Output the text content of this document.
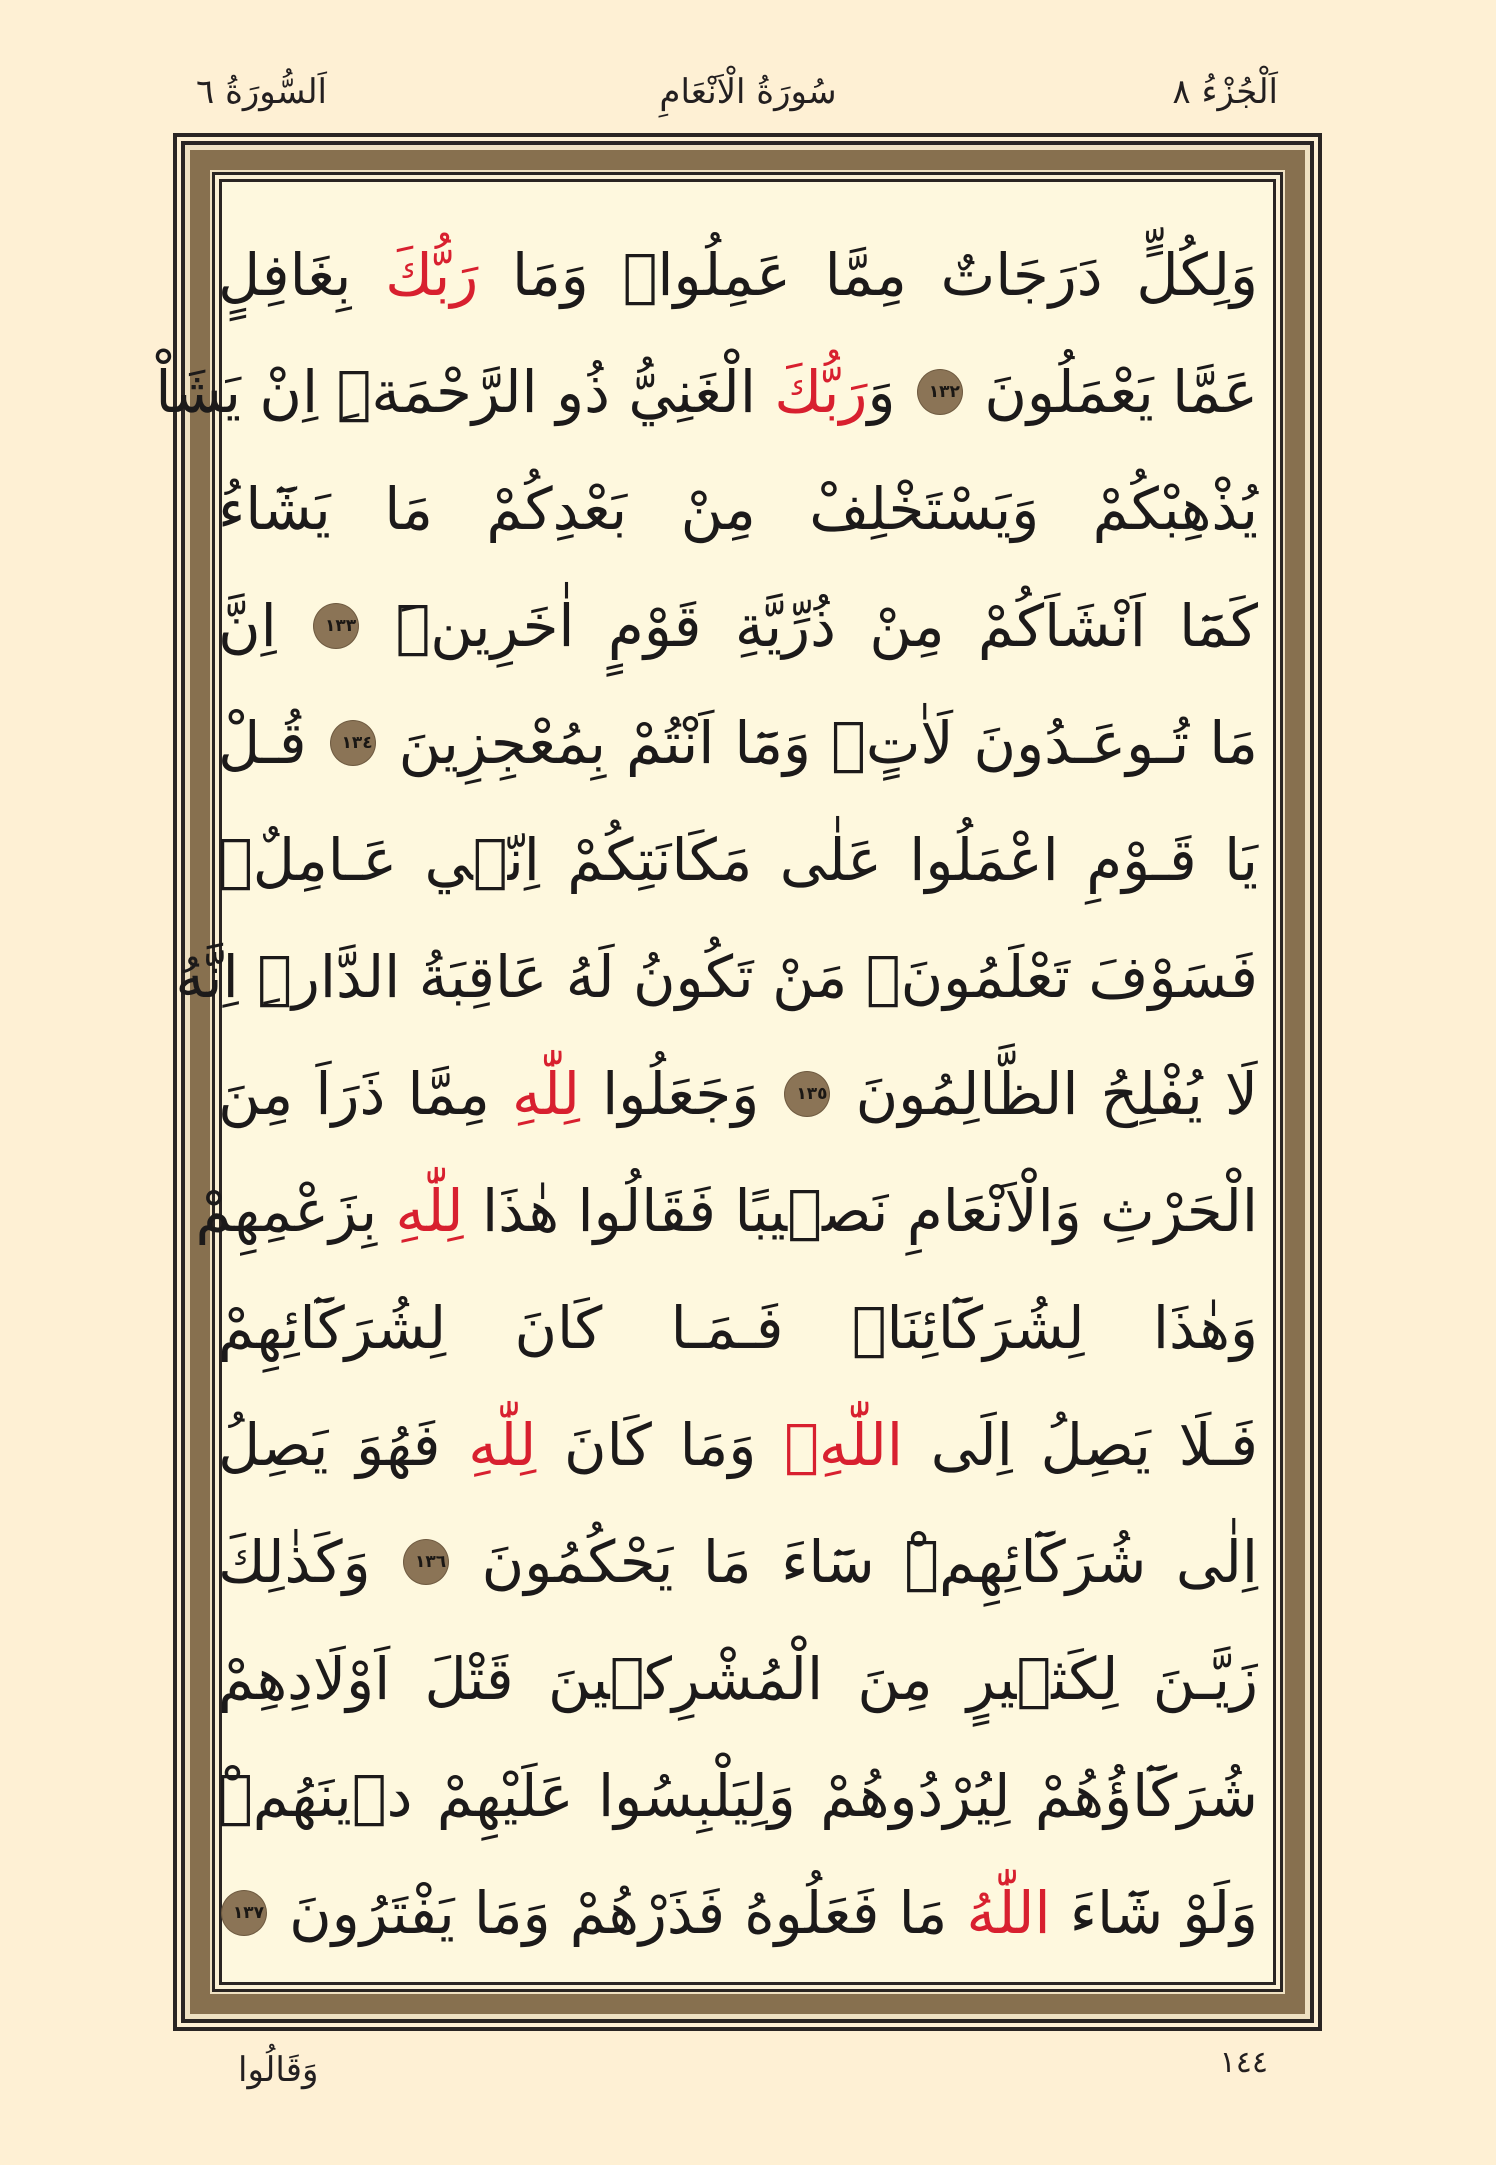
اَلْجُزْءُ ٨
سُورَةُ الْاَنْعَامِ
اَلسُّورَةُ ٦
وَلِكُلٍّ دَرَجَاتٌ مِمَّا عَمِلُواۜ وَمَا رَبُّكَ بِغَافِلٍ
عَمَّا يَعْمَلُونَ ١٣٢ وَرَبُّكَ الْغَنِيُّ ذُو الرَّحْمَةِۜ اِنْ يَشَاْ
يُذْهِبْكُمْ وَيَسْتَخْلِفْ مِنْ بَعْدِكُمْ مَا يَشَٓاءُ
كَمَٓا اَنْشَاَكُمْ مِنْ ذُرِّيَّةِ قَوْمٍ اٰخَرِينَۜ ١٣٣ اِنَّ
مَا تُـوعَـدُونَ لَاٰتٍۙ وَمَٓا اَنْتُمْ بِمُعْجِزِينَ ١٣٤ قُـلْ
يَا قَـوْمِ اعْمَلُوا عَلٰى مَكَانَتِكُمْ اِنّ۪ي عَـامِلٌۚ
فَسَوْفَ تَعْلَمُونَۙ مَنْ تَكُونُ لَهُ عَاقِبَةُ الدَّارِۜ اِنَّهُ
لَا يُفْلِحُ الظَّالِمُونَ ١٣٥ وَجَعَلُوا لِلّٰهِ مِمَّا ذَرَاَ مِنَ
الْحَرْثِ وَالْاَنْعَامِ نَص۪يبًا فَقَالُوا هٰذَا لِلّٰهِ بِزَعْمِهِمْ
وَهٰذَا لِشُرَكَٓائِنَاۚ فَـمَـا كَانَ لِشُرَكَٓائِهِمْ
فَـلَا يَصِلُ اِلَى اللّٰهِۚ وَمَا كَانَ لِلّٰهِ فَهُوَ يَصِلُ
اِلٰى شُرَكَٓائِهِمْۜ سَٓاءَ مَا يَحْكُمُونَ ١٣٦ وَكَذٰلِكَ
زَيَّـنَ لِكَث۪يرٍ مِنَ الْمُشْرِك۪ينَ قَتْلَ اَوْلَادِهِمْ
شُرَكَٓاؤُهُمْ لِيُرْدُوهُمْ وَلِيَلْبِسُوا عَلَيْهِمْ د۪ينَهُمْۜ
وَلَوْ شَٓاءَ اللّٰهُ مَا فَعَلُوهُ فَذَرْهُمْ وَمَا يَفْتَرُونَ ١٣٧
١٤٤
وَقَالُوا
